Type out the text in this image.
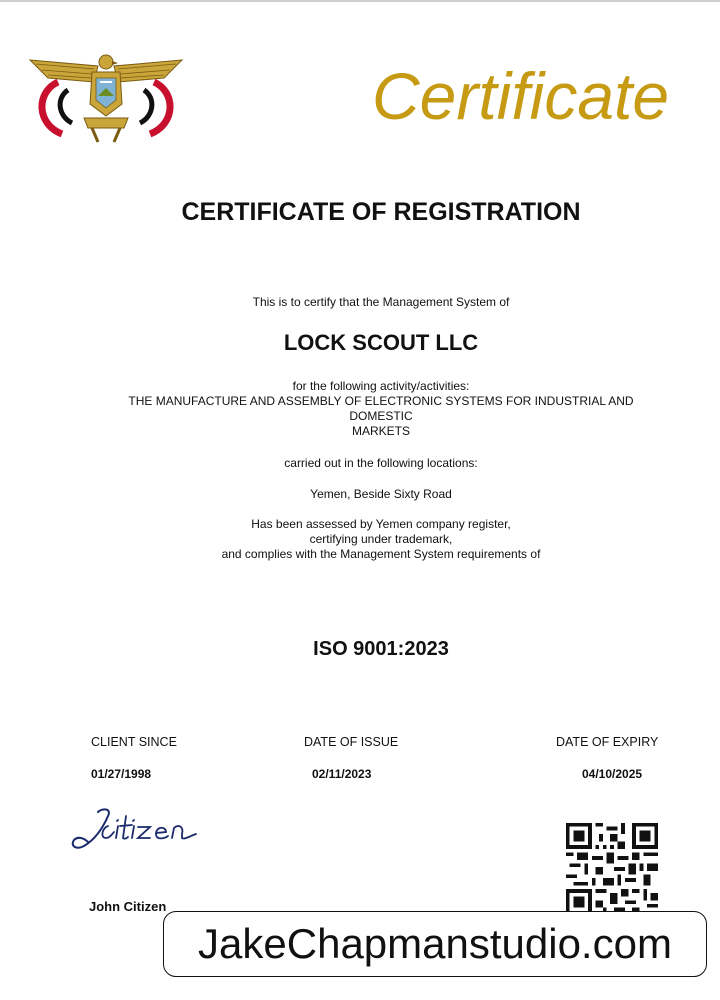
Certificate
CERTIFICATE OF REGISTRATION
This is to certify that the Management System of
LOCK SCOUT LLC
for the following activity/activities:
THE MANUFACTURE AND ASSEMBLY OF ELECTRONIC SYSTEMS FOR INDUSTRIAL AND
DOMESTIC
MARKETS
carried out in the following locations:
Yemen, Beside Sixty Road
Has been assessed by Yemen company register,
certifying under trademark,
and complies with the Management System requirements of
ISO 9001:2023
CLIENT SINCE	DATE OF ISSUE	DATE OF EXPIRY
01/27/1998	02/11/2023	04/10/2025
John Citizen
JakeChapmanstudio.com
